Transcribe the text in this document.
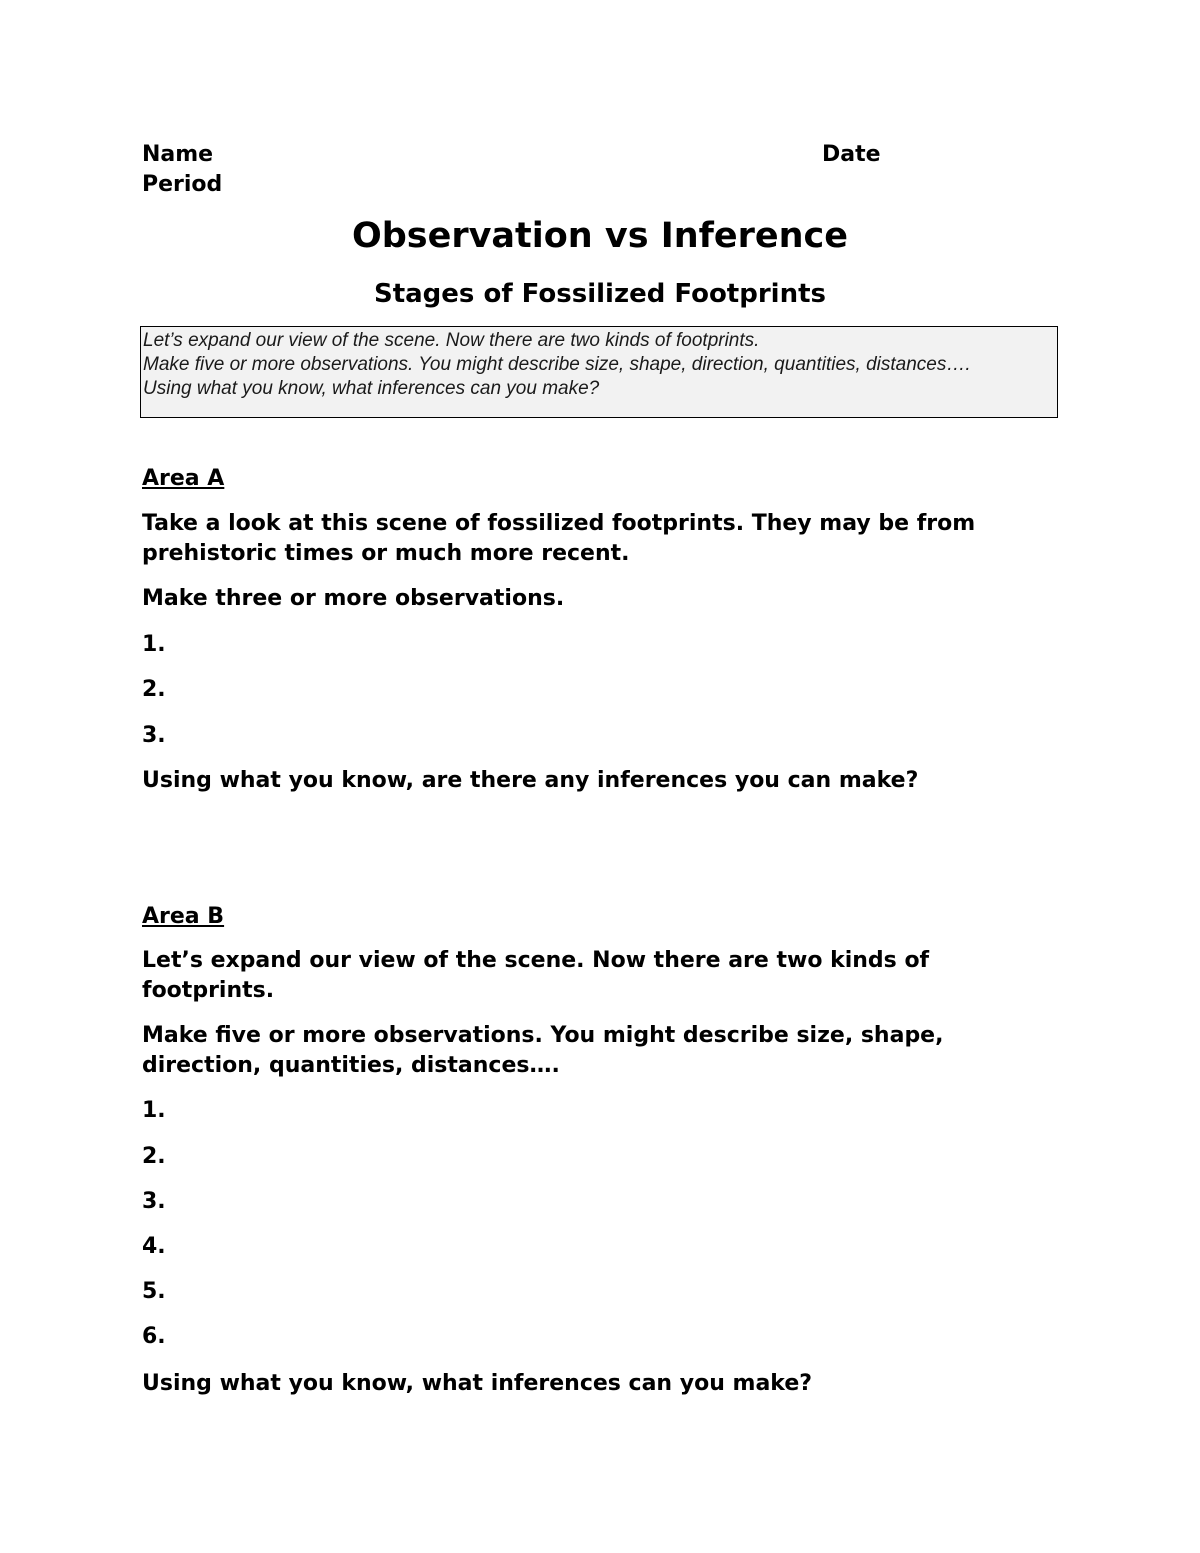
Name	Date
Period
Observation vs Inference
Stages of Fossilized Footprints
Let’s expand our view of the scene. Now there are two kinds of footprints.
Make five or more observations. You might describe size, shape, direction, quantities, distances….
Using what you know, what inferences can you make?
Area A
Take a look at this scene of fossilized footprints. They may be from
prehistoric times or much more recent.
Make three or more observations.
1.
2.
3.
Using what you know, are there any inferences you can make?
Area B
Let’s expand our view of the scene. Now there are two kinds of
footprints.
Make five or more observations. You might describe size, shape,
direction, quantities, distances….
1.
2.
3.
4.
5.
6.
Using what you know, what inferences can you make?
